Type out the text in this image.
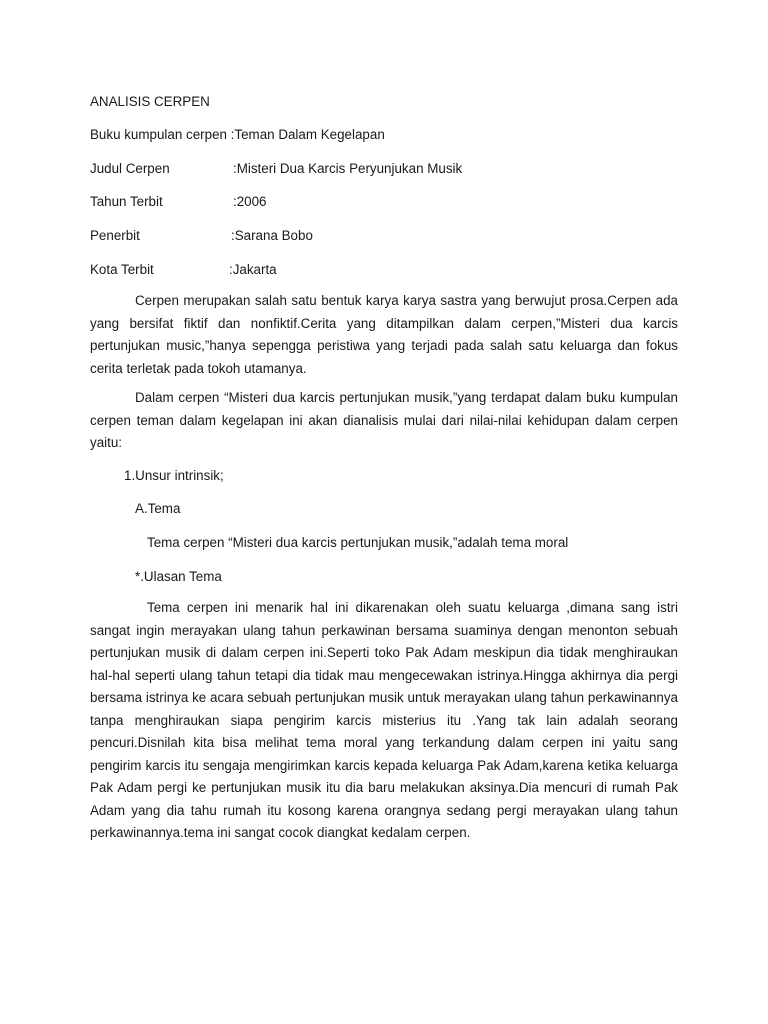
ANALISIS CERPEN
Buku kumpulan cerpen :Teman Dalam Kegelapan
Judul Cerpen	:Misteri Dua Karcis Peryunjukan Musik
Tahun Terbit	:2006
Penerbit	:Sarana Bobo
Kota Terbit	:Jakarta
Cerpen merupakan salah satu bentuk karya karya sastra yang berwujut prosa.Cerpen ada yang bersifat fiktif dan nonfiktif.Cerita yang ditampilkan dalam cerpen,”Misteri dua karcis pertunjukan music,”hanya sepengga peristiwa yang terjadi pada salah satu keluarga dan fokus cerita terletak pada tokoh utamanya.
Dalam cerpen “Misteri dua karcis pertunjukan musik,”yang terdapat dalam buku kumpulan cerpen teman dalam kegelapan ini akan dianalisis mulai dari nilai-nilai kehidupan dalam cerpen yaitu:
1.Unsur intrinsik;
A.Tema
Tema cerpen “Misteri dua karcis pertunjukan musik,”adalah tema moral
*.Ulasan Tema
Tema cerpen ini menarik hal ini dikarenakan oleh suatu keluarga ,dimana sang istri sangat ingin merayakan ulang tahun perkawinan bersama suaminya dengan menonton sebuah pertunjukan musik di dalam cerpen ini.Seperti toko Pak Adam meskipun dia tidak menghiraukan hal-hal seperti ulang tahun tetapi dia tidak mau mengecewakan istrinya.Hingga akhirnya dia pergi bersama istrinya ke acara sebuah pertunjukan musik untuk merayakan ulang tahun perkawinannya tanpa menghiraukan siapa pengirim karcis misterius itu .Yang tak lain adalah seorang pencuri.Disnilah kita bisa melihat tema moral yang terkandung dalam cerpen ini yaitu sang pengirim karcis itu sengaja mengirimkan karcis kepada keluarga Pak Adam,karena ketika keluarga Pak Adam pergi ke pertunjukan musik itu dia baru melakukan aksinya.Dia mencuri di rumah Pak Adam yang dia tahu rumah itu kosong karena orangnya sedang pergi merayakan ulang tahun perkawinannya.tema ini sangat cocok diangkat kedalam cerpen.
